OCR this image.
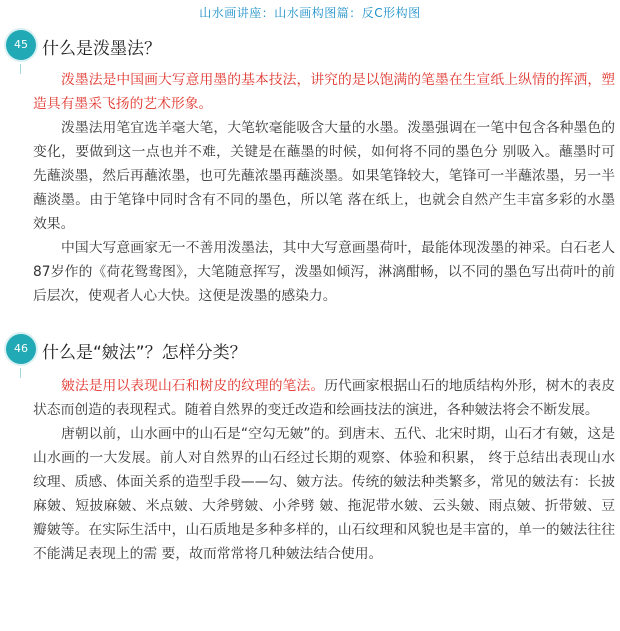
山水画讲座：山水画构图篇：反C形构图
45 什么是泼墨法？

泼墨法是中国画大写意用墨的基本技法，讲究的是以饱满的笔墨在生宣纸上纵情的挥洒，塑造具有墨采飞扬的艺术形象。

泼墨法用笔宜选羊毫大笔，大笔软毫能吸含大量的水墨。泼墨强调在一笔中包含各种墨色的变化，要做到这一点也并不难，关键是在蘸墨的时候，如何将不同的墨色分 别吸入。蘸墨时可先蘸淡墨，然后再蘸浓墨，也可先蘸浓墨再蘸淡墨。如果笔锋较大，笔锋可一半蘸浓墨，另一半蘸淡墨。由于笔锋中同时含有不同的墨色，所以笔 落在纸上，也就会自然产生丰富多彩的水墨效果。

中国大写意画家无一不善用泼墨法，其中大写意画墨荷叶，最能体现泼墨的神采。白石老人87岁作的《荷花鸳鸯图》，大笔随意挥写，泼墨如倾泻，淋漓酣畅，以不同的墨色写出荷叶的前后层次，使观者人心大快。这便是泼墨的感染力。

46 什么是“皴法”？怎样分类？

皴法是用以表现山石和树皮的纹理的笔法。历代画家根据山石的地质结构外形，树木的表皮状态而创造的表现程式。随着自然界的变迁改造和绘画技法的演进，各种皴法将会不断发展。

唐朝以前，山水画中的山石是“空勾无皴”的。到唐末、五代、北宋时期，山石才有皴，这是山水画的一大发展。前人对自然界的山石经过长期的观察、体验和积累， 终于总结出表现山水纹理、质感、体面关系的造型手段——勾、皴方法。传统的皴法种类繁多，常见的皴法有：长披麻皴、短披麻皴、米点皴、大斧劈皴、小斧劈 皴、拖泥带水皴、云头皴、雨点皴、折带皴、豆瓣皴等。在实际生活中，山石质地是多种多样的，山石纹理和风貌也是丰富的，单一的皴法往往不能满足表现上的需 要，故而常常将几种皴法结合使用。
